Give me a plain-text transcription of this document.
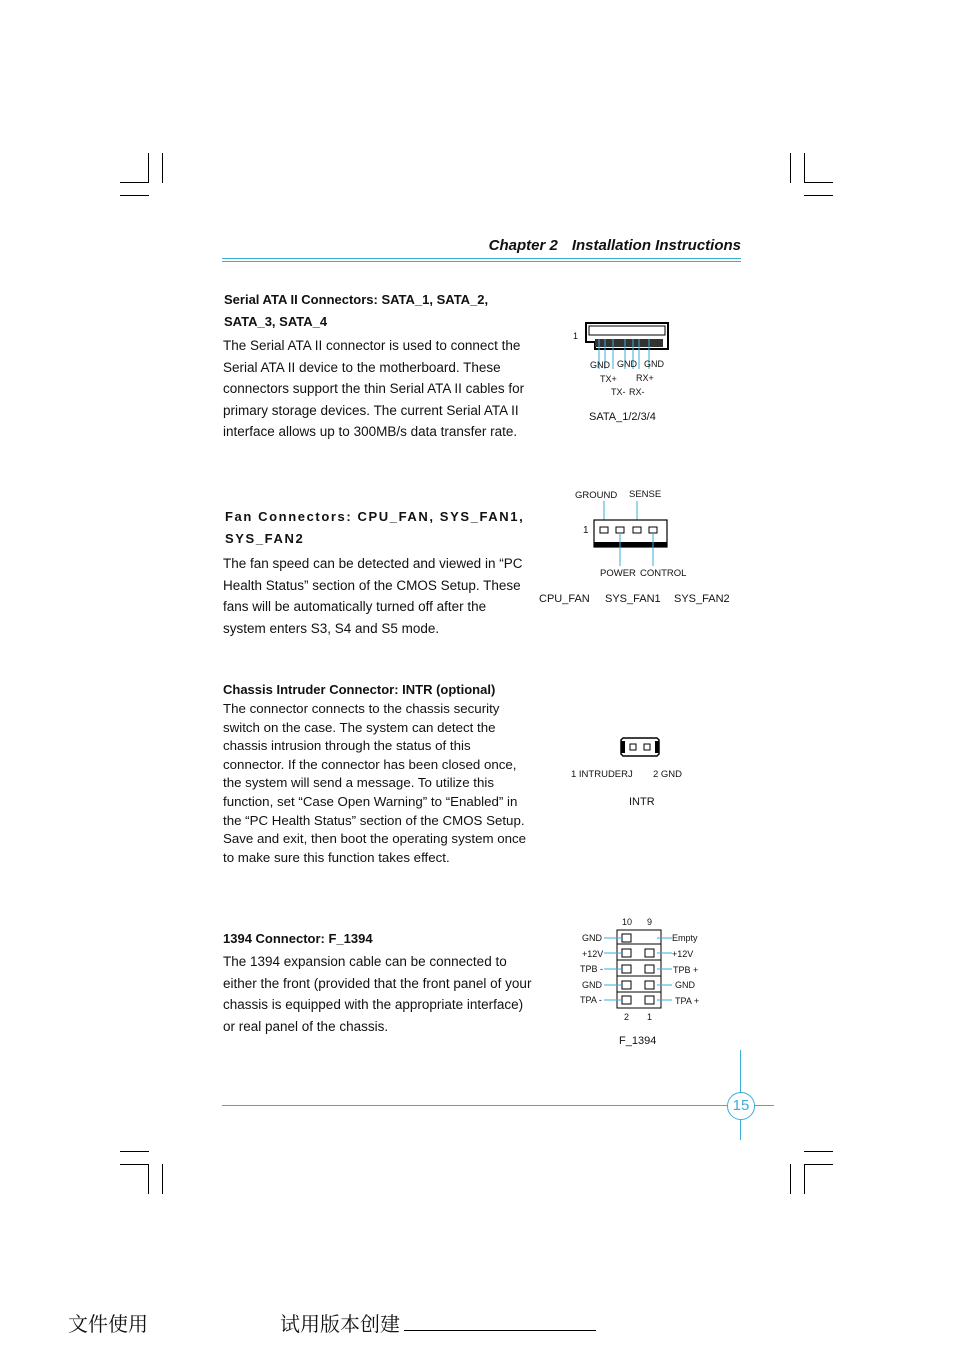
Chapter 2 Installation Instructions
Serial ATA II Connectors: SATA_1, SATA_2, SATA_3, SATA_4
The Serial ATA II connector is used to connect the Serial ATA II device to the motherboard. These connectors support the thin Serial ATA II cables for primary storage devices. The current Serial ATA II interface allows up to 300MB/s data transfer rate.
1
GND GND GND
TX+ RX+
TX- RX-
SATA_1/2/3/4
Fan Connectors: CPU_FAN, SYS_FAN1, SYS_FAN2
The fan speed can be detected and viewed in “PC Health Status” section of the CMOS Setup. These fans will be automatically turned off after the system enters S3, S4 and S5 mode.
GROUND SENSE
1
POWER CONTROL
CPU_FAN SYS_FAN1 SYS_FAN2
Chassis Intruder Connector: INTR (optional)
The connector connects to the chassis security switch on the case. The system can detect the chassis intrusion through the status of this connector. If the connector has been closed once, the system will send a message. To utilize this function, set “Case Open Warning” to “Enabled” in the “PC Health Status” section of the CMOS Setup. Save and exit, then boot the operating system once to make sure this function takes effect.
1 INTRUDERJ 2 GND
INTR
1394 Connector: F_1394
The 1394 expansion cable can be connected to either the front (provided that the front panel of your chassis is equipped with the appropriate interface) or real panel of the chassis.
10 9
GND
+12V
TPB -
GND
TPA -
Empty
+12V
TPB +
GND
TPA +
2 1
F_1394
15
文件使用	试用版本创建
